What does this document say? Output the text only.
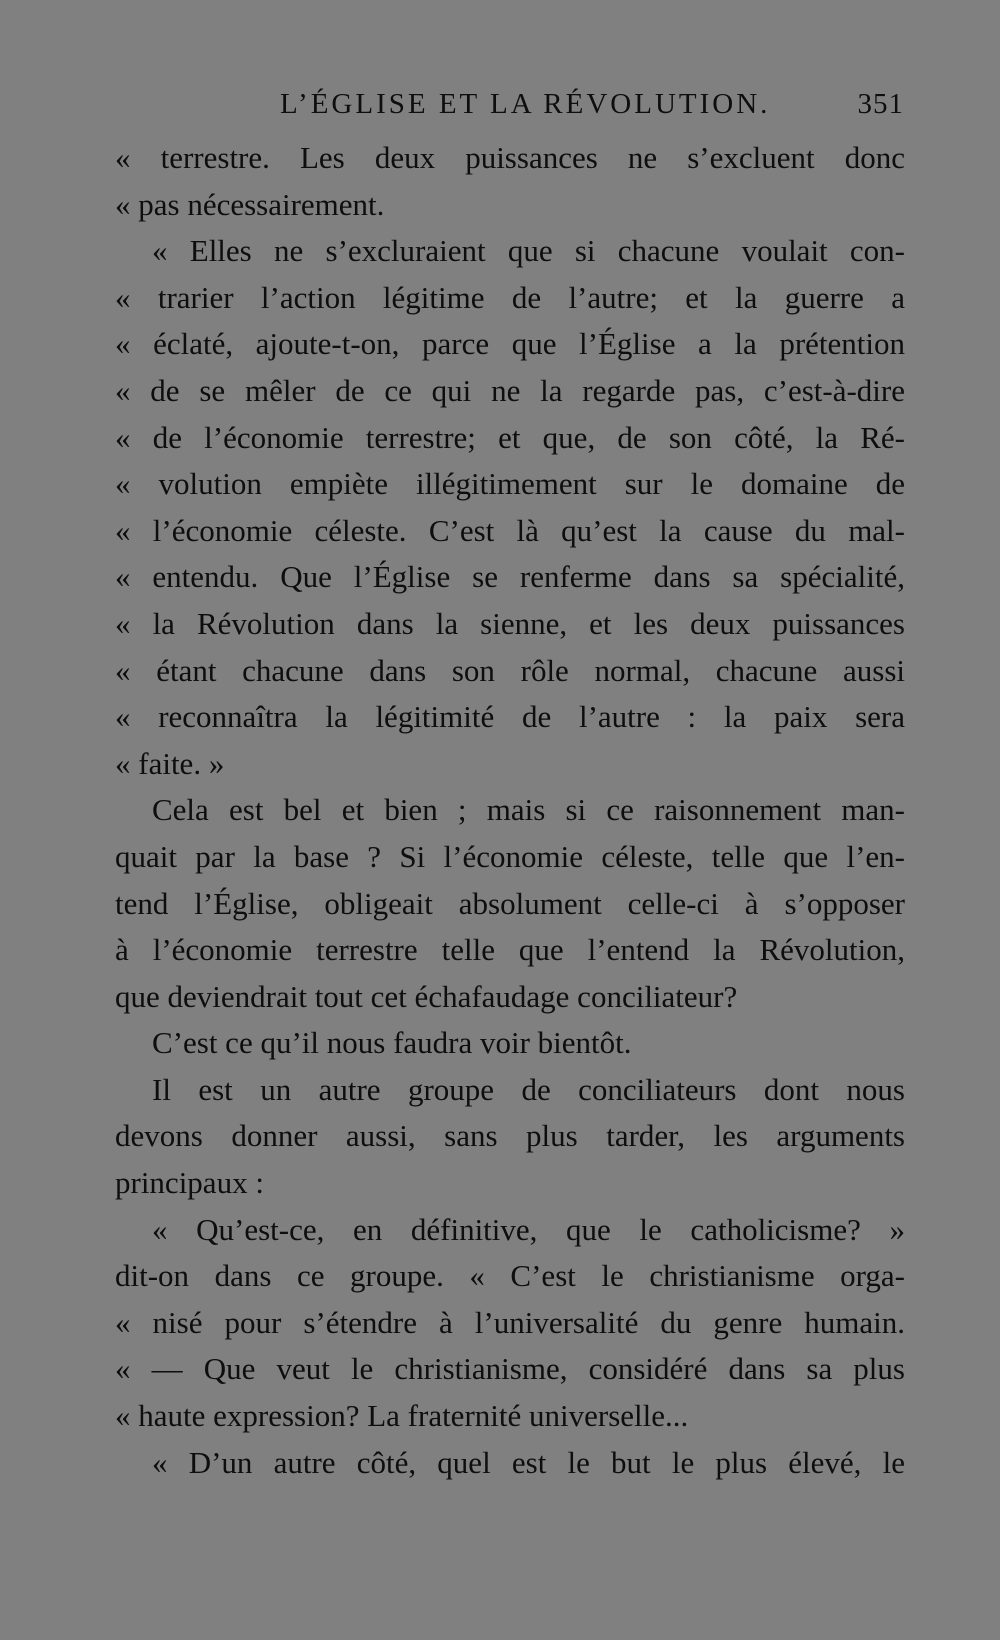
L’ÉGLISE ET LA RÉVOLUTION.	351
« terrestre. Les deux puissances ne s’excluent donc
« pas nécessairement.
« Elles ne s’excluraient que si chacune voulait con-
« trarier l’action légitime de l’autre; et la guerre a
« éclaté, ajoute-t-on, parce que l’Église a la prétention
« de se mêler de ce qui ne la regarde pas, c’est-à-dire
« de l’économie terrestre; et que, de son côté, la Ré-
« volution empiète illégitimement sur le domaine de
« l’économie céleste. C’est là qu’est la cause du mal-
« entendu. Que l’Église se renferme dans sa spécialité,
« la Révolution dans la sienne, et les deux puissances
« étant chacune dans son rôle normal, chacune aussi
« reconnaîtra la légitimité de l’autre : la paix sera
« faite. »
Cela est bel et bien ; mais si ce raisonnement man-
quait par la base ? Si l’économie céleste, telle que l’en-
tend l’Église, obligeait absolument celle-ci à s’opposer
à l’économie terrestre telle que l’entend la Révolution,
que deviendrait tout cet échafaudage conciliateur?
C’est ce qu’il nous faudra voir bientôt.
Il est un autre groupe de conciliateurs dont nous
devons donner aussi, sans plus tarder, les arguments
principaux :
« Qu’est-ce, en définitive, que le catholicisme? »
dit-on dans ce groupe. « C’est le christianisme orga-
« nisé pour s’étendre à l’universalité du genre humain.
« — Que veut le christianisme, considéré dans sa plus
« haute expression? La fraternité universelle...
« D’un autre côté, quel est le but le plus élevé, le
